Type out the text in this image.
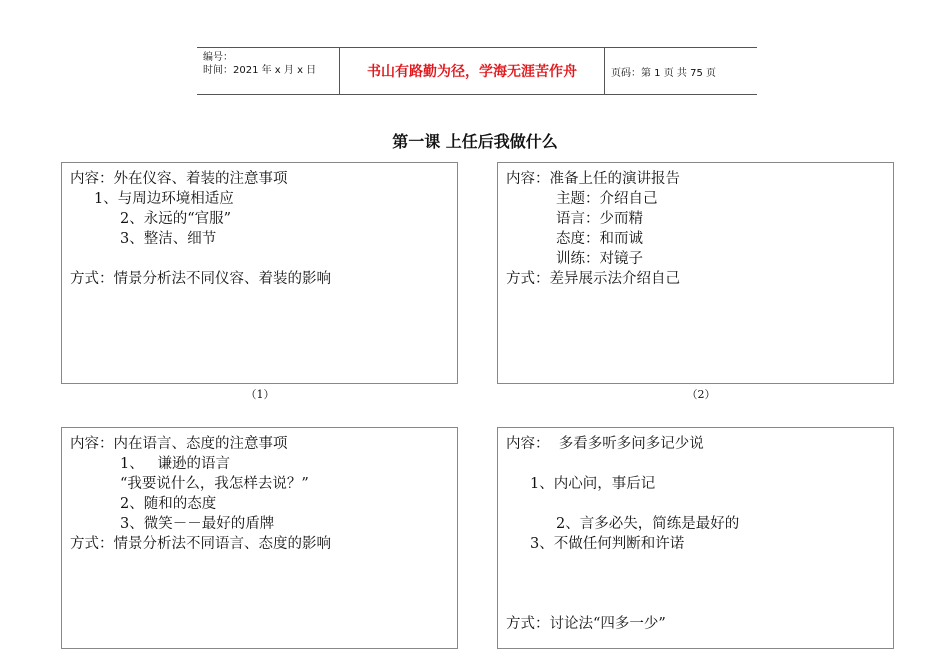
编号：
时间：2021 年 x 月 x 日	书山有路勤为径，学海无涯苦作舟	页码：第 1 页 共 75 页
第一课 上任后我做什么
内容：外在仪容、着装的注意事项
1、与周边环境相适应
2、永远的“官服”
3、整洁、细节
方式：情景分析法不同仪容、着装的影响
（1）
内容：准备上任的演讲报告
主题：介绍自己
语言：少而精
态度：和而诚
训练：对镜子
方式：差异展示法介绍自己
（2）
内容：内在语言、态度的注意事项
1、   谦逊的语言
“我要说什么，我怎样去说？”
2、随和的态度
3、微笑－－最好的盾牌
方式：情景分析法不同语言、态度的影响
内容：  多看多听多问多记少说
1、内心问，事后记
2、言多必失，简练是最好的
3、不做任何判断和许诺
方式：讨论法“四多一少”
